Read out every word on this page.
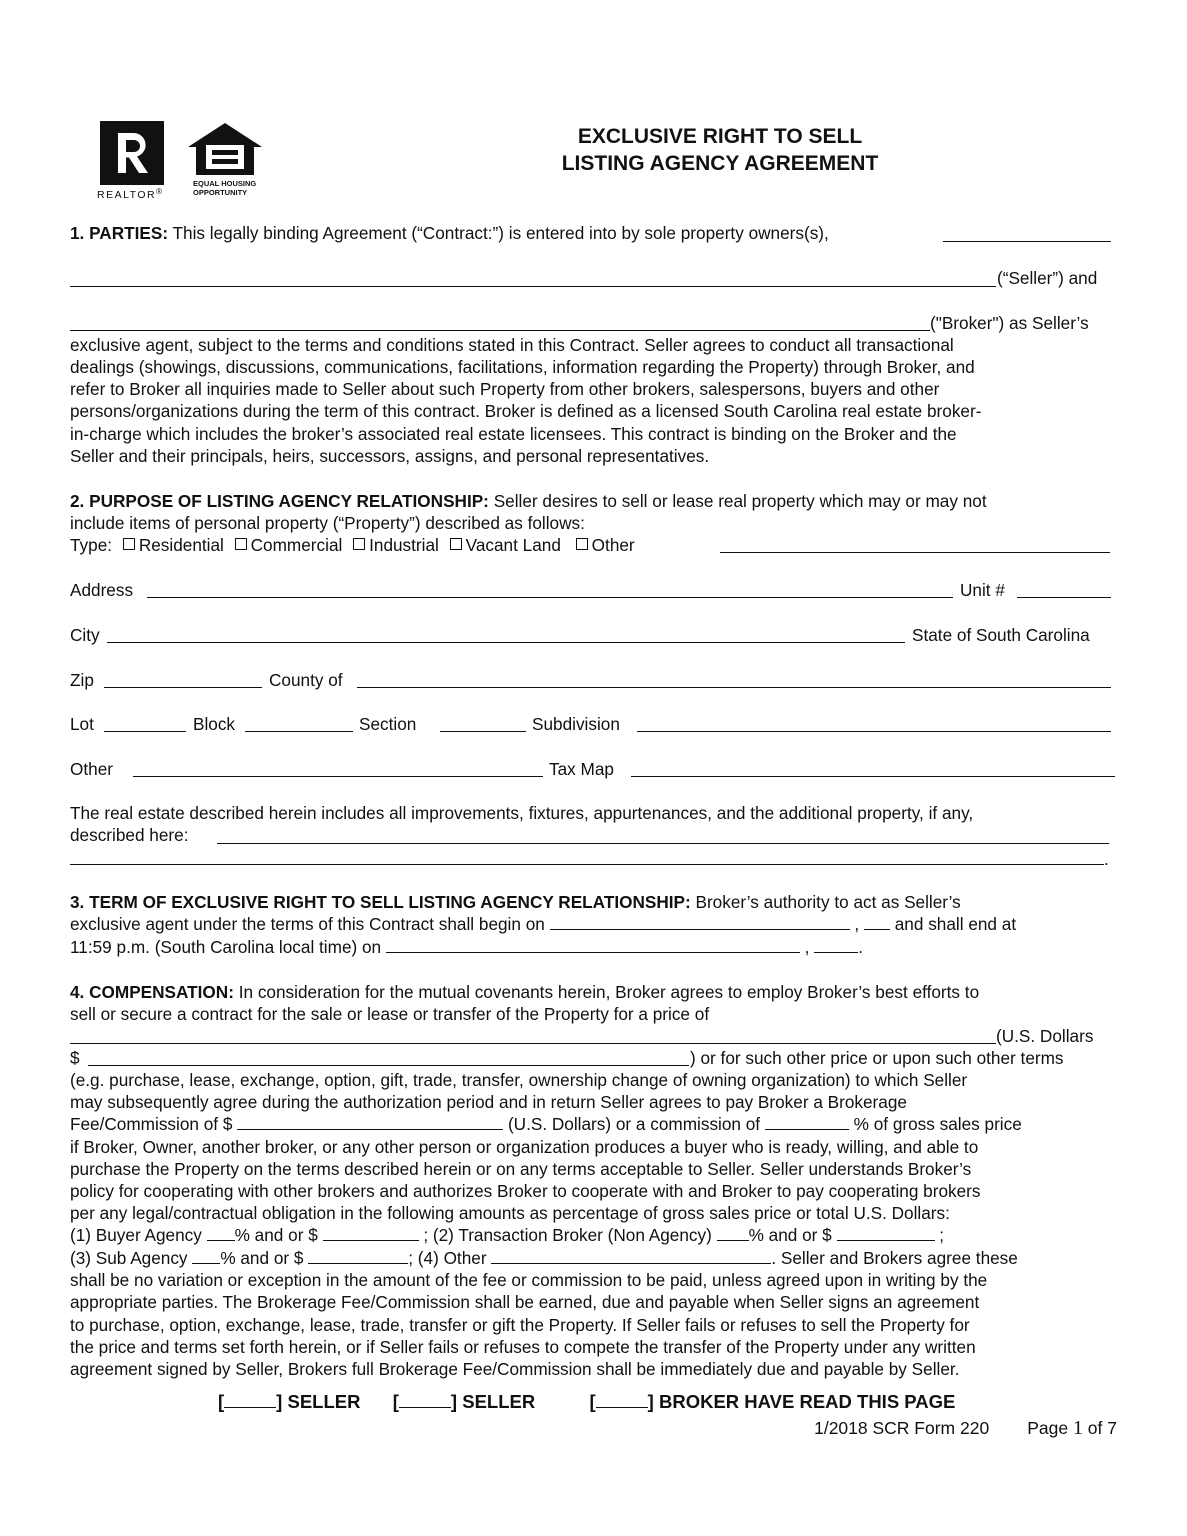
REALTOR®
EQUAL HOUSING
OPPORTUNITY
EXCLUSIVE RIGHT TO SELL
LISTING AGENCY AGREEMENT
1. PARTIES: This legally binding Agreement (“Contract:”) is entered into by sole property owners(s),
(“Seller”) and
("Broker") as Seller’s
exclusive agent, subject to the terms and conditions stated in this Contract. Seller agrees to conduct all transactional
dealings (showings, discussions, communications, facilitations, information regarding the Property) through Broker, and
refer to Broker all inquiries made to Seller about such Property from other brokers, salespersons, buyers and other
persons/organizations during the term of this contract. Broker is defined as a licensed South Carolina real estate broker-
in-charge which includes the broker’s associated real estate licensees. This contract is binding on the Broker and the
Seller and their principals, heirs, successors, assigns, and personal representatives.
2. PURPOSE OF LISTING AGENCY RELATIONSHIP: Seller desires to sell or lease real property which may or may not
include items of personal property (“Property”) described as follows:
Type: Residential Commercial Industrial Vacant Land Other
Address	Unit #
City	State of South Carolina
Zip	County of
Lot	Block	Section	Subdivision
Other	Tax Map
The real estate described herein includes all improvements, fixtures, appurtenances, and the additional property, if any,
described here:
.
3. TERM OF EXCLUSIVE RIGHT TO SELL LISTING AGENCY RELATIONSHIP: Broker’s authority to act as Seller’s
exclusive agent under the terms of this Contract shall begin on	,  and shall end at
11:59 p.m. (South Carolina local time) on	,	.
4. COMPENSATION: In consideration for the mutual covenants herein, Broker agrees to employ Broker’s best efforts to
sell or secure a contract for the sale or lease or transfer of the Property for a price of
(U.S. Dollars
$	) or for such other price or upon such other terms
(e.g. purchase, lease, exchange, option, gift, trade, transfer, ownership change of owning organization) to which Seller
may subsequently agree during the authorization period and in return Seller agrees to pay Broker a Brokerage
Fee/Commission of $	(U.S. Dollars) or a commission of	% of gross sales price
if Broker, Owner, another broker, or any other person or organization produces a buyer who is ready, willing, and able to
purchase the Property on the terms described herein or on any terms acceptable to Seller. Seller understands Broker’s
policy for cooperating with other brokers and authorizes Broker to cooperate with and Broker to pay cooperating brokers
per any legal/contractual obligation in the following amounts as percentage of gross sales price or total U.S. Dollars:
(1) Buyer Agency % and or $	; (2) Transaction Broker (Non Agency) % and or $	;
(3) Sub Agency % and or $	; (4) Other	. Seller and Brokers agree these
shall be no variation or exception in the amount of the fee or commission to be paid, unless agreed upon in writing by the
appropriate parties. The Brokerage Fee/Commission shall be earned, due and payable when Seller signs an agreement
to purchase, option, exchange, lease, trade, transfer or gift the Property. If Seller fails or refuses to sell the Property for
the price and terms set forth herein, or if Seller fails or refuses to compete the transfer of the Property under any written
agreement signed by Seller, Brokers full Brokerage Fee/Commission shall be immediately due and payable by Seller.
[	] SELLER [	] SELLER	[	] BROKER HAVE READ THIS PAGE
1/2018 SCR Form 220 Page 1 of 7
